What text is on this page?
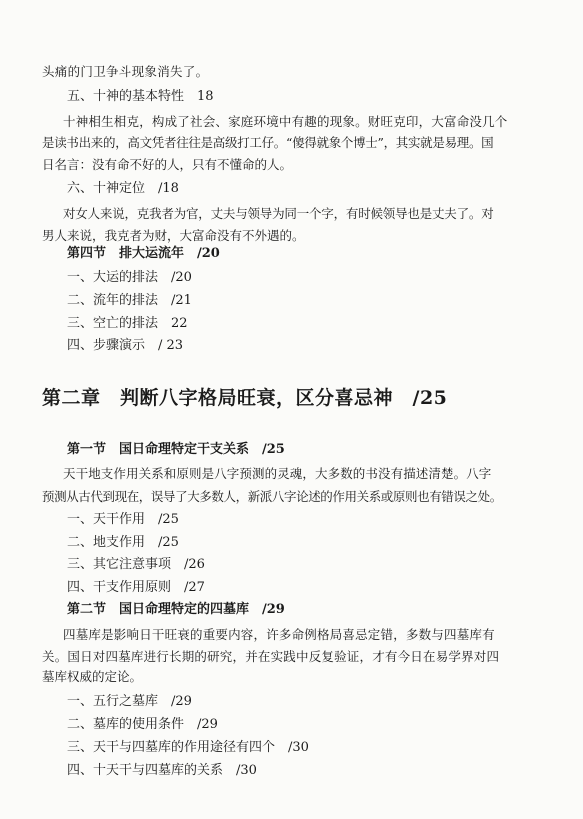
头痛的门卫争斗现象消失了。
五、十神的基本特性　18
十神相生相克，构成了社会、家庭环境中有趣的现象。财旺克印，大富命没几个
是读书出来的，高文凭者往往是高级打工仔。“傻得就象个博士”，其实就是易理。国
日名言：没有命不好的人，只有不懂命的人。
六、十神定位　/18
对女人来说，克我者为官，丈夫与领导为同一个字，有时候领导也是丈夫了。对
男人来说，我克者为财，大富命没有不外遇的。
第四节　排大运流年　/20
一、大运的排法　/20
二、流年的排法　/21
三、空亡的排法　22
四、步骤演示　/ 23
第二章　判断八字格局旺衰，区分喜忌神　/25
第一节　国日命理特定干支关系　/25
天干地支作用关系和原则是八字预测的灵魂，大多数的书没有描述清楚。八字
预测从古代到现在，误导了大多数人，新派八字论述的作用关系或原则也有错误之处。
一、天干作用　/25
二、地支作用　/25
三、其它注意事项　/26
四、干支作用原则　/27
第二节　国日命理特定的四墓库　/29
四墓库是影响日干旺衰的重要内容，许多命例格局喜忌定错，多数与四墓库有
关。国日对四墓库进行长期的研究，并在实践中反复验证，才有今日在易学界对四
墓库权威的定论。
一、五行之墓库　/29
二、墓库的使用条件　/29
三、天干与四墓库的作用途径有四个　/30
四、十天干与四墓库的关系　/30
